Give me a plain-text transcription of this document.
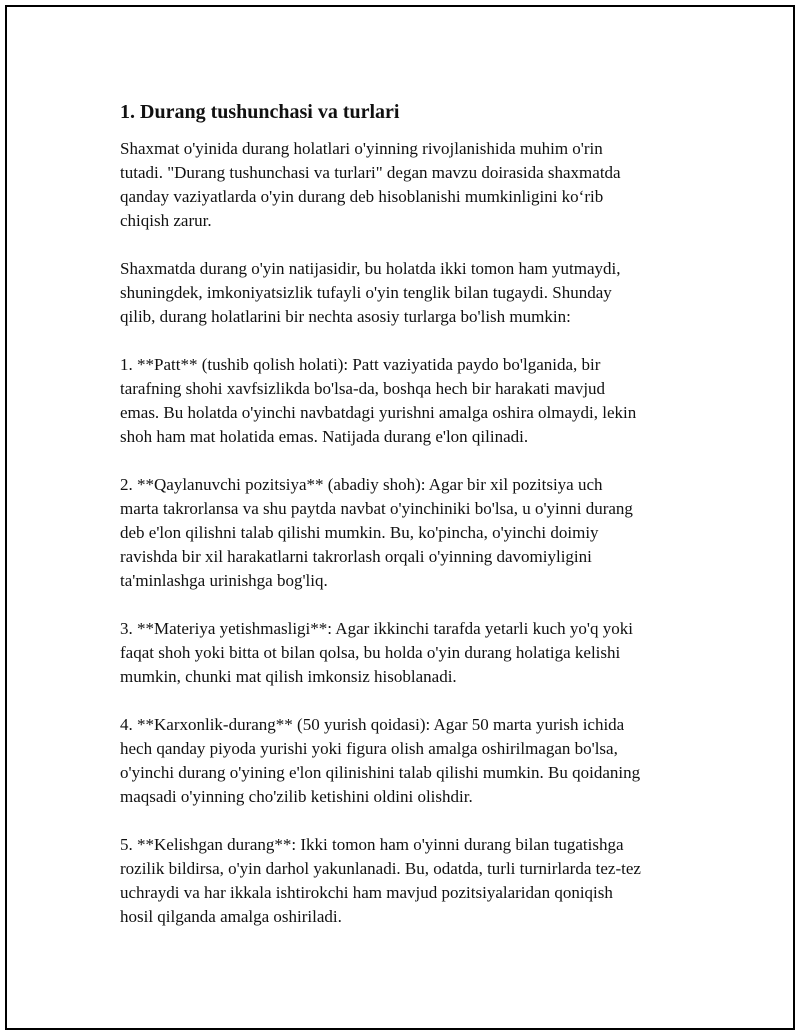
1. Durang tushunchasi va turlari

Shaxmat o'yinida durang holatlari o'yinning rivojlanishida muhim o'rin
tutadi. "Durang tushunchasi va turlari" degan mavzu doirasida shaxmatda
qanday vaziyatlarda o'yin durang deb hisoblanishi mumkinligini ko‘rib
chiqish zarur.

Shaxmatda durang o'yin natijasidir, bu holatda ikki tomon ham yutmaydi,
shuningdek, imkoniyatsizlik tufayli o'yin tenglik bilan tugaydi. Shunday
qilib, durang holatlarini bir nechta asosiy turlarga bo'lish mumkin:

1. **Patt** (tushib qolish holati): Patt vaziyatida paydo bo'lganida, bir
tarafning shohi xavfsizlikda bo'lsa-da, boshqa hech bir harakati mavjud
emas. Bu holatda o'yinchi navbatdagi yurishni amalga oshira olmaydi, lekin
shoh ham mat holatida emas. Natijada durang e'lon qilinadi.

2. **Qaylanuvchi pozitsiya** (abadiy shoh): Agar bir xil pozitsiya uch
marta takrorlansa va shu paytda navbat o'yinchiniki bo'lsa, u o'yinni durang
deb e'lon qilishni talab qilishi mumkin. Bu, ko'pincha, o'yinchi doimiy
ravishda bir xil harakatlarni takrorlash orqali o'yinning davomiyligini
ta'minlashga urinishga bog'liq.

3. **Materiya yetishmasligi**: Agar ikkinchi tarafda yetarli kuch yo'q yoki
faqat shoh yoki bitta ot bilan qolsa, bu holda o'yin durang holatiga kelishi
mumkin, chunki mat qilish imkonsiz hisoblanadi.

4. **Karxonlik-durang** (50 yurish qoidasi): Agar 50 marta yurish ichida
hech qanday piyoda yurishi yoki figura olish amalga oshirilmagan bo'lsa,
o'yinchi durang o'yining e'lon qilinishini talab qilishi mumkin. Bu qoidaning
maqsadi o'yinning cho'zilib ketishini oldini olishdir.

5. **Kelishgan durang**: Ikki tomon ham o'yinni durang bilan tugatishga
rozilik bildirsa, o'yin darhol yakunlanadi. Bu, odatda, turli turnirlarda tez-tez
uchraydi va har ikkala ishtirokchi ham mavjud pozitsiyalaridan qoniqish
hosil qilganda amalga oshiriladi.
